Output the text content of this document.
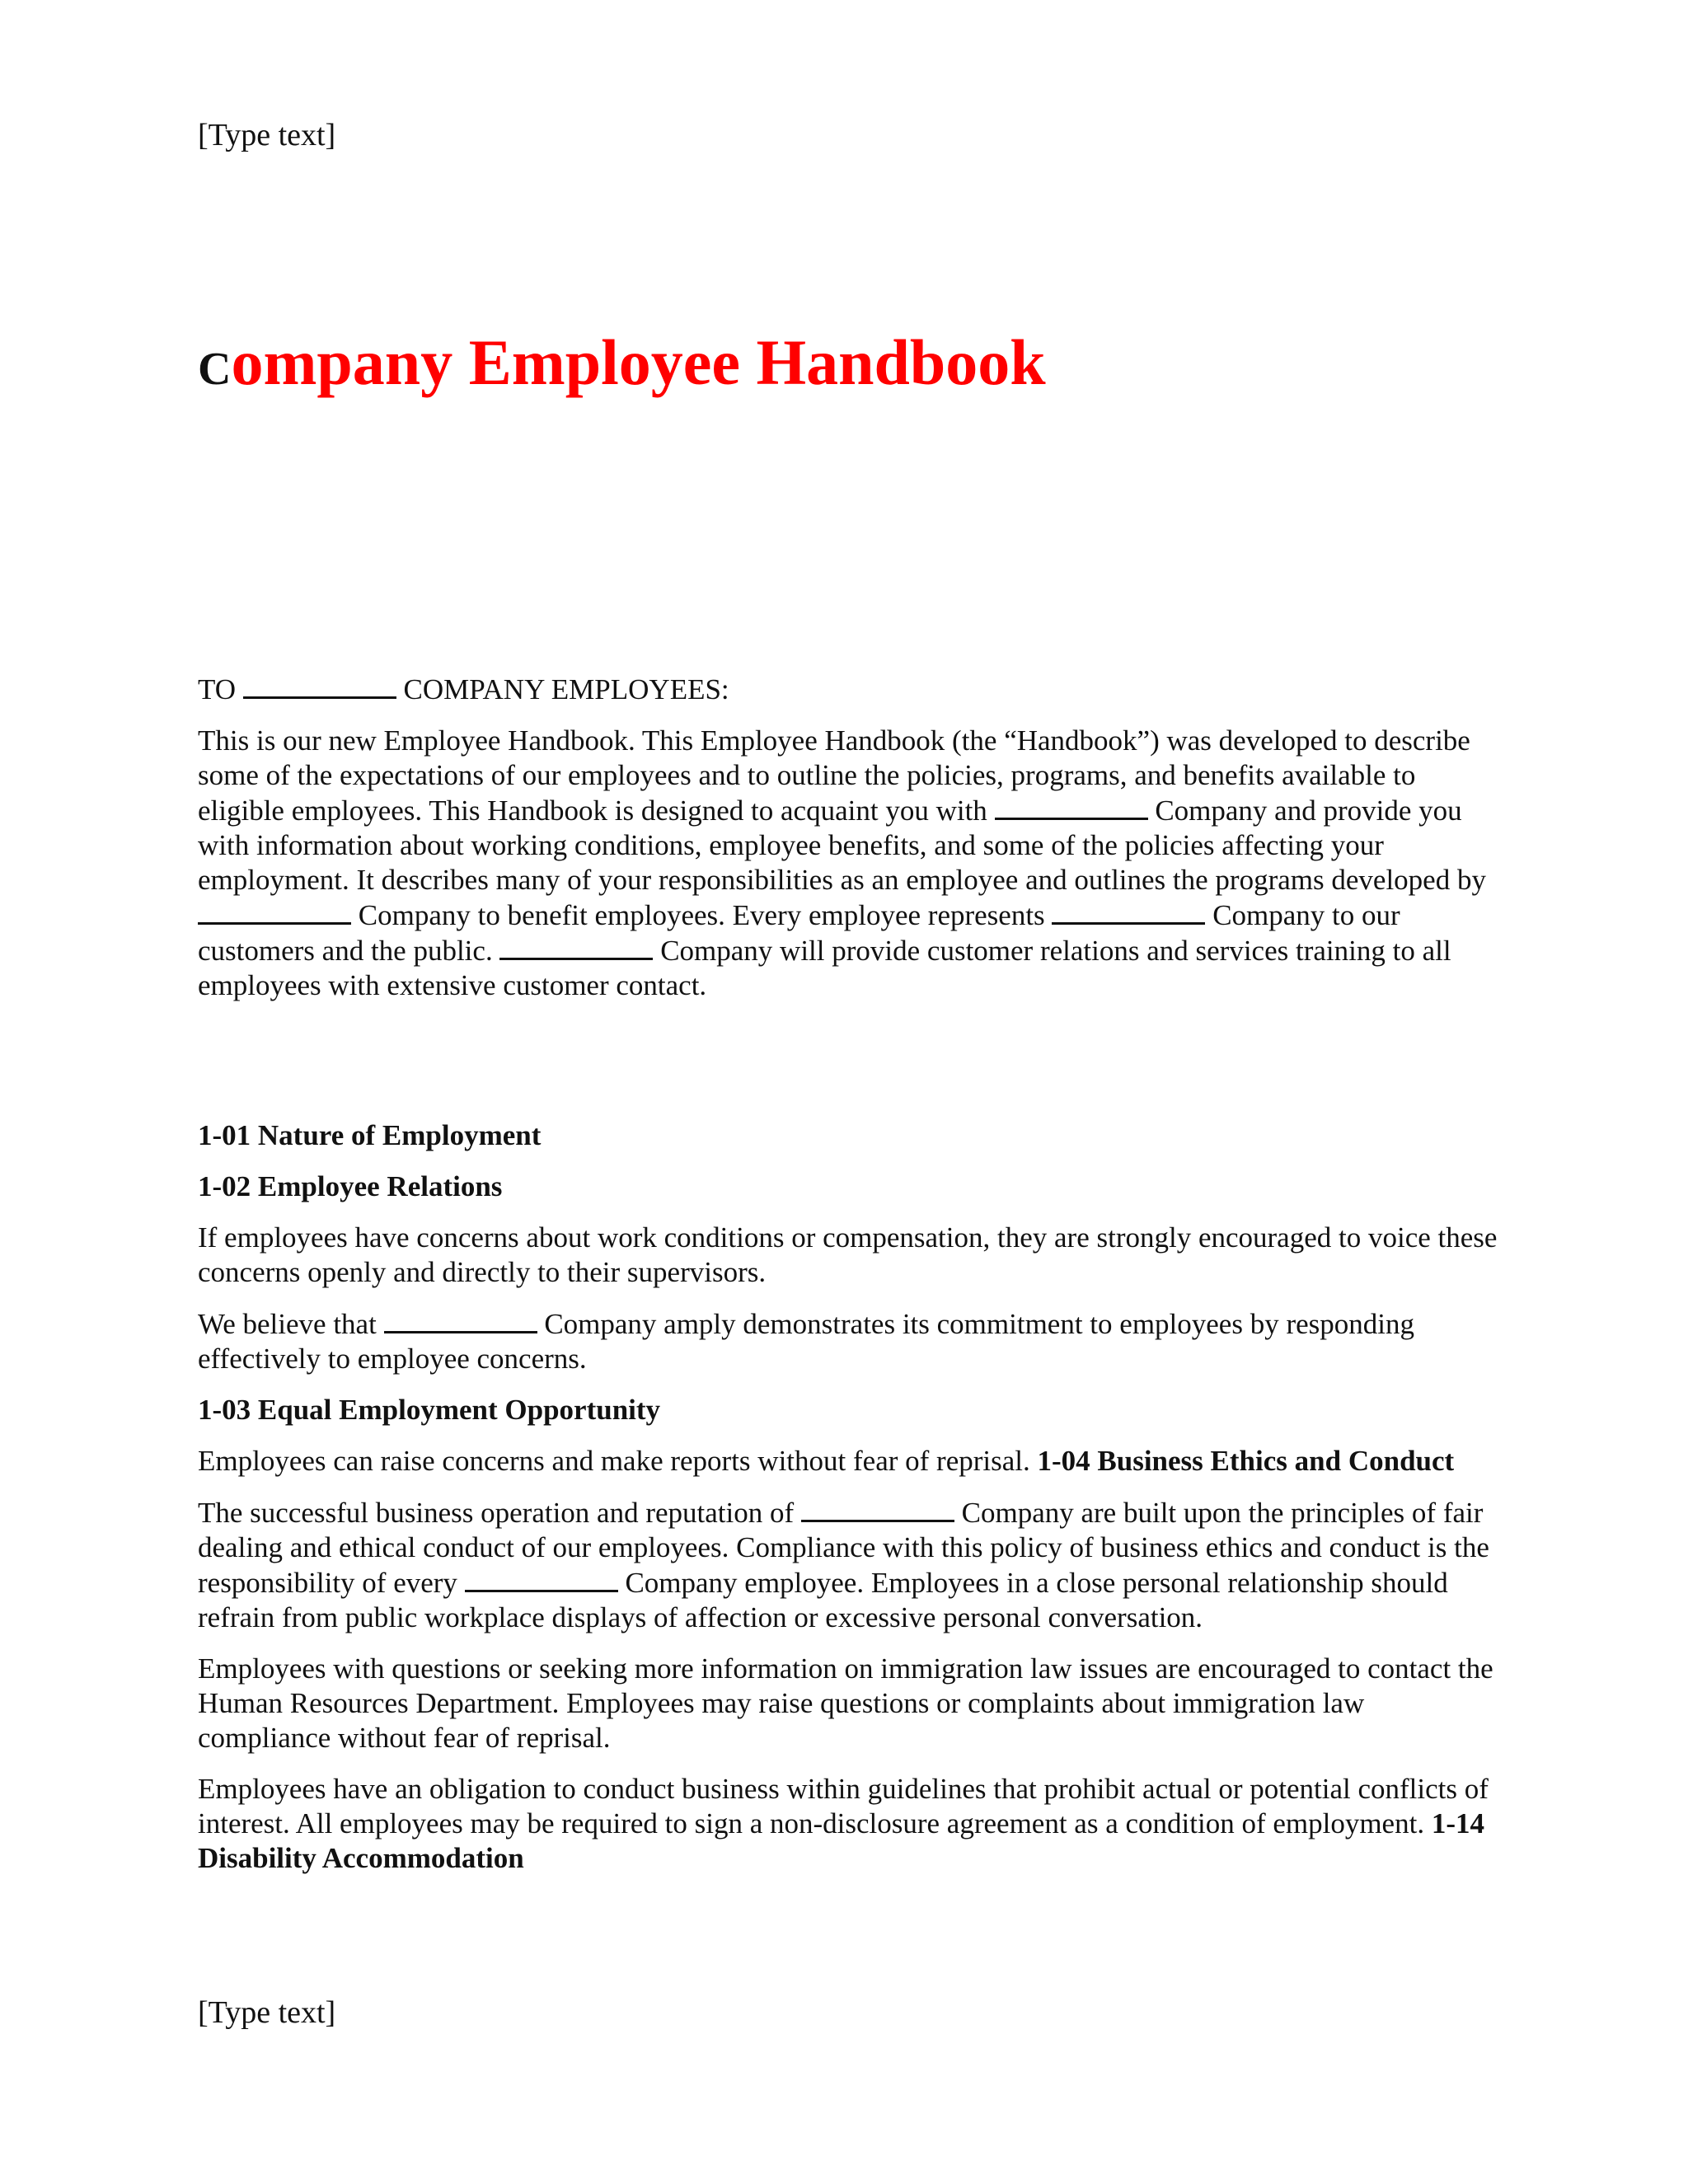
[Type text]
Company Employee Handbook

TO	COMPANY EMPLOYEES:

This is our new Employee Handbook. This Employee Handbook (the “Handbook”) was developed to describe some of the expectations of our employees and to outline the policies, programs, and benefits available to eligible employees. This Handbook is designed to acquaint you with	Company and provide you with information about working conditions, employee benefits, and some of the policies affecting your employment. It describes many of your responsibilities as an employee and outlines the programs developed by  Company to benefit employees. Every employee represents	Company to our customers and the public.	Company will provide customer relations and services training to all employees with extensive customer contact.

1-01 Nature of Employment

1-02 Employee Relations

If employees have concerns about work conditions or compensation, they are strongly encouraged to voice these concerns openly and directly to their supervisors.

We believe that	Company amply demonstrates its commitment to employees by responding effectively to employee concerns.

1-03 Equal Employment Opportunity

Employees can raise concerns and make reports without fear of reprisal. 1-04 Business Ethics and Conduct

The successful business operation and reputation of	Company are built upon the principles of fair dealing and ethical conduct of our employees. Compliance with this policy of business ethics and conduct is the responsibility of every	Company employee. Employees in a close personal relationship should refrain from public workplace displays of affection or excessive personal conversation.

Employees with questions or seeking more information on immigration law issues are encouraged to contact the Human Resources Department. Employees may raise questions or complaints about immigration law compliance without fear of reprisal.

Employees have an obligation to conduct business within guidelines that prohibit actual or potential conflicts of interest. All employees may be required to sign a non-disclosure agreement as a condition of employment. 1-14 Disability Accommodation

[Type text]
